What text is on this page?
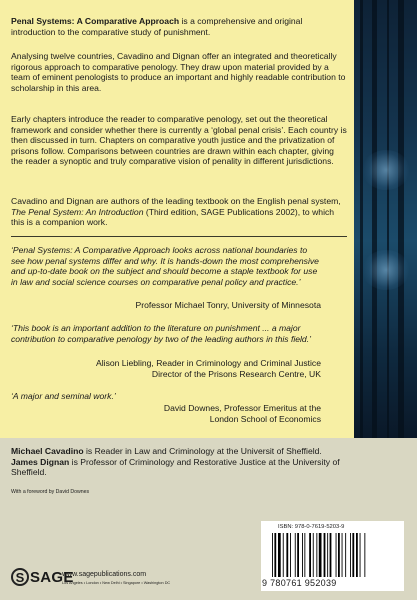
Penal Systems: A Comparative Approach is a comprehensive and original introduction to the comparative study of punishment.

Analysing twelve countries, Cavadino and Dignan offer an integrated and theoretically rigorous approach to comparative penology. They draw upon material provided by a team of eminent penologists to produce an important and highly readable contribution to scholarship in this area.

Early chapters introduce the reader to comparative penology, set out the theoretical framework and consider whether there is currently a ‘global penal crisis’. Each country is then discussed in turn. Chapters on comparative youth justice and the privatization of prisons follow. Comparisons between countries are drawn within each chapter, giving the reader a synoptic and truly comparative vision of penality in different jurisdictions.

Cavadino and Dignan are authors of the leading textbook on the English penal system, The Penal System: An Introduction (Third edition, SAGE Publications 2002), to which this is a companion work.

‘Penal Systems: A Comparative Approach looks across national boundaries to see how penal systems differ and why. It is hands-down the most comprehensive and up-to-date book on the subject and should become a staple textbook for use in law and social science courses on comparative penal policy and practice.’

Professor Michael Tonry, University of Minnesota

‘This book is an important addition to the literature on punishment ... a major contribution to comparative penology by two of the leading authors in this field.’

Alison Liebling, Reader in Criminology and Criminal Justice

Director of the Prisons Research Centre, UK

‘A major and seminal work.’

David Downes, Professor Emeritus at the

London School of Economics

Michael Cavadino is Reader in Law and Criminology at the Universit of Sheffield. James Dignan is Professor of Criminology and Restorative Justice at the University of Sheffield.

With a foreword by David Downes
S SAGE
www.sagepublications.com
Los Angeles • London • New Delhi • Singapore • Washington DC
ISBN: 978-0-7619-5203-9
9 780761 952039
